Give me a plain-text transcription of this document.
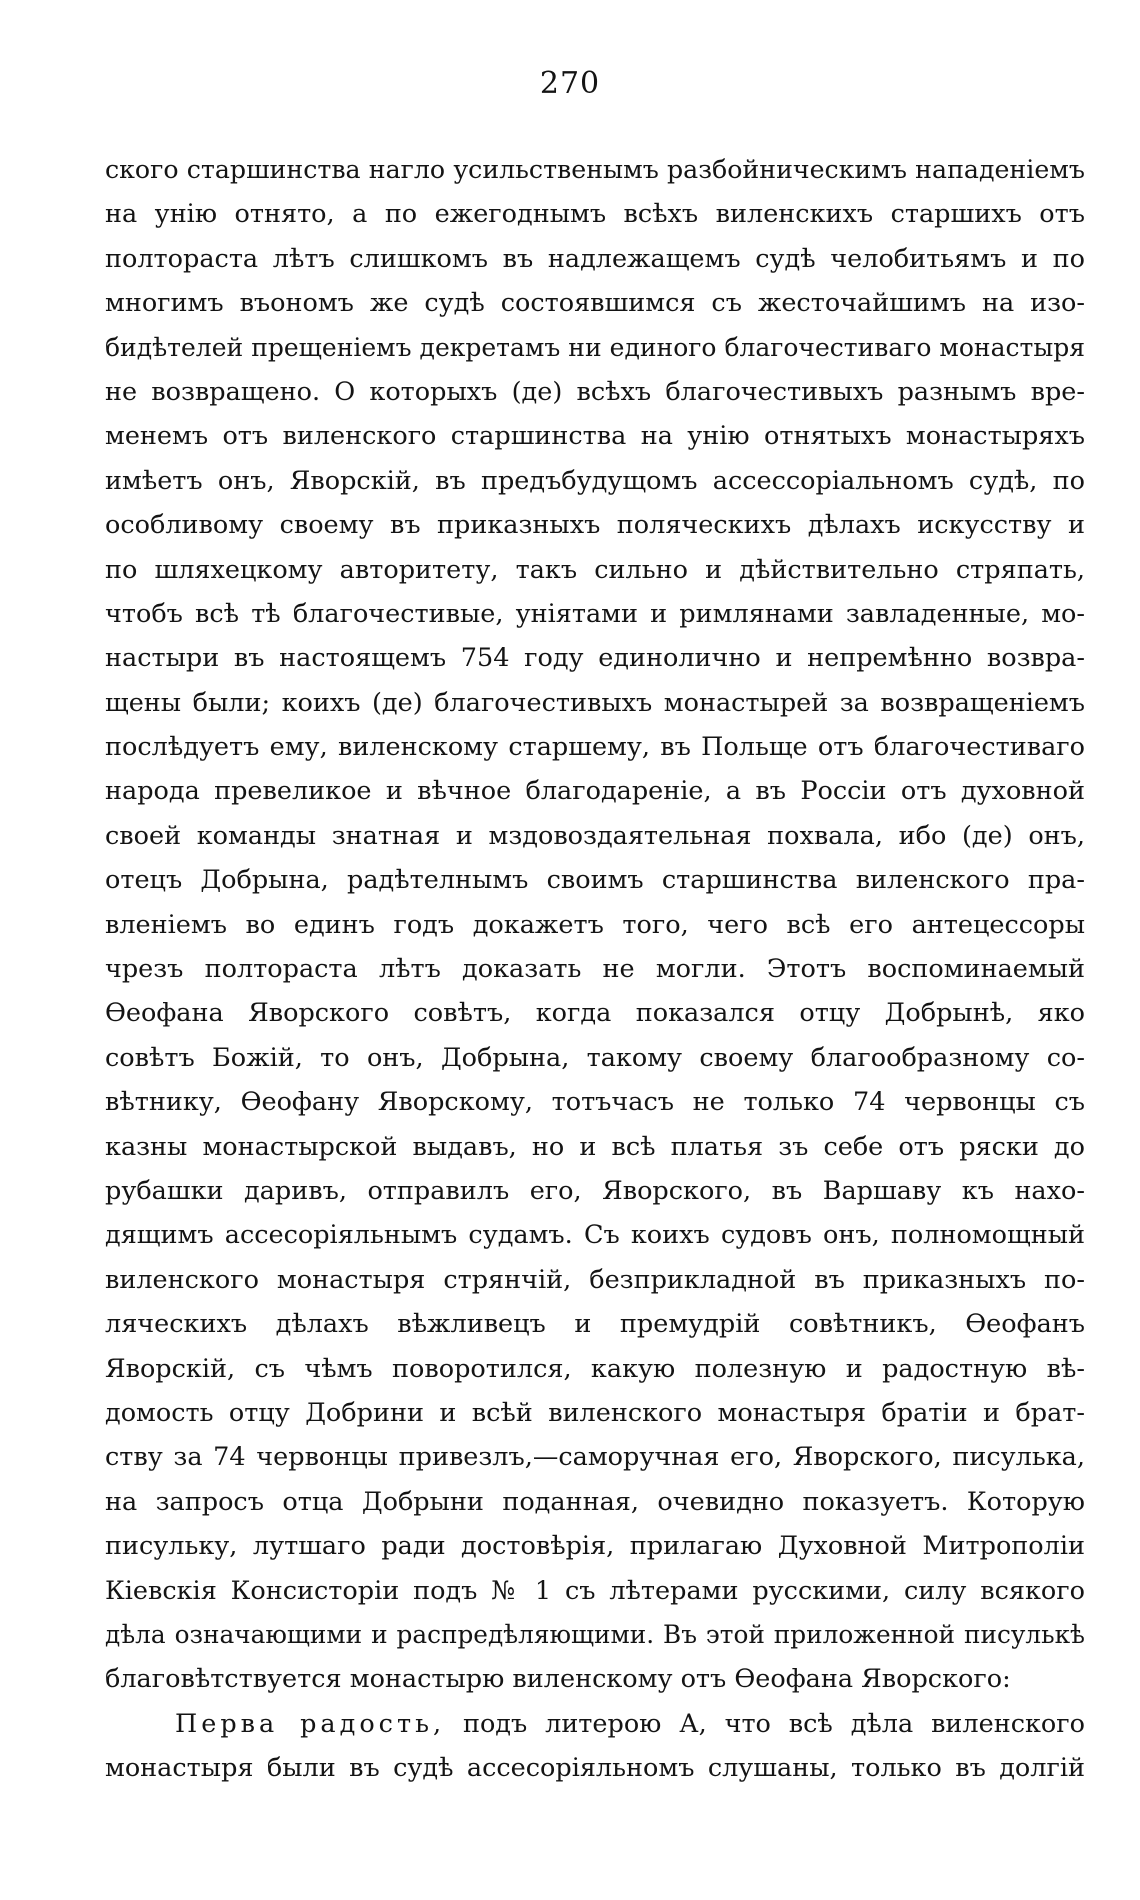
270
ского старшинства нагло усильственымъ разбойническимъ нападеніемъ
на унію отнято, а по ежегоднымъ всѣхъ виленскихъ старшихъ отъ
полтораста лѣтъ слишкомъ въ надлежащемъ судѣ челобитьямъ и по
многимъ въономъ же судѣ состоявшимся съ жесточайшимъ на изо-
бидѣтелей прещеніемъ декретамъ ни единого благочестиваго монастыря
не возвращено. О которыхъ (де) всѣхъ благочестивыхъ разнымъ вре-
менемъ отъ виленского старшинства на унію отнятыхъ монастыряхъ
имѣетъ онъ, Яворскій, въ предъбудущомъ ассессоріальномъ судѣ, по
особливому своему въ приказныхъ поляческихъ дѣлахъ искусству и
по шляхецкому авторитету, такъ сильно и дѣйствительно стряпать,
чтобъ всѣ тѣ благочестивые, уніятами и римлянами завладенные, мо-
настыри въ настоящемъ 754 году единолично и непремѣнно возвра-
щены были; коихъ (де) благочестивыхъ монастырей за возвращеніемъ
послѣдуетъ ему, виленскому старшему, въ Польще отъ благочестиваго
народа превеликое и вѣчное благодареніе, а въ Россіи отъ духовной
своей команды знатная и мздовоздаятельная похвала, ибо (де) онъ,
отецъ Добрына, радѣтелнымъ своимъ старшинства виленского пра-
вленіемъ во единъ годъ докажетъ того, чего всѣ его антецессоры
чрезъ полтораста лѣтъ доказать не могли. Этотъ воспоминаемый
Ѳеофана Яворского совѣтъ, когда показался отцу Добрынѣ, яко
совѣтъ Божій, то онъ, Добрына, такому своему благообразному со-
вѣтнику, Ѳеофану Яворскому, тотъчасъ не только 74 червонцы съ
казны монастырской выдавъ, но и всѣ платья зъ себе отъ ряски до
рубашки даривъ, отправилъ его, Яворского, въ Варшаву къ нахо-
дящимъ ассесоріяльнымъ судамъ. Съ коихъ судовъ онъ, полномощный
виленского монастыря стрянчій, безприкладной въ приказныхъ по-
ляческихъ дѣлахъ вѣжливецъ и премудрій совѣтникъ, Ѳеофанъ
Яворскій, съ чѣмъ поворотился, какую полезную и радостную вѣ-
домость отцу Добрини и всѣй виленского монастыря братіи и брат-
ству за 74 червонцы привезлъ,—саморучная его, Яворского, писулька,
на запросъ отца Добрыни поданная, очевидно показуетъ. Которую
писульку, лутшаго ради достовѣрія, прилагаю Духовной Митрополіи
Кіевскія Консисторіи подъ № 1 съ лѣтерами русскими, силу всякого
дѣла означающими и распредѣляющими. Въ этой приложенной писулькѣ
благовѣтствуется монастырю виленскому отъ Ѳеофана Яворского:
Перва радость, подъ литерою А, что всѣ дѣла виленского
монастыря были въ судѣ ассесоріяльномъ слушаны, только въ долгій
